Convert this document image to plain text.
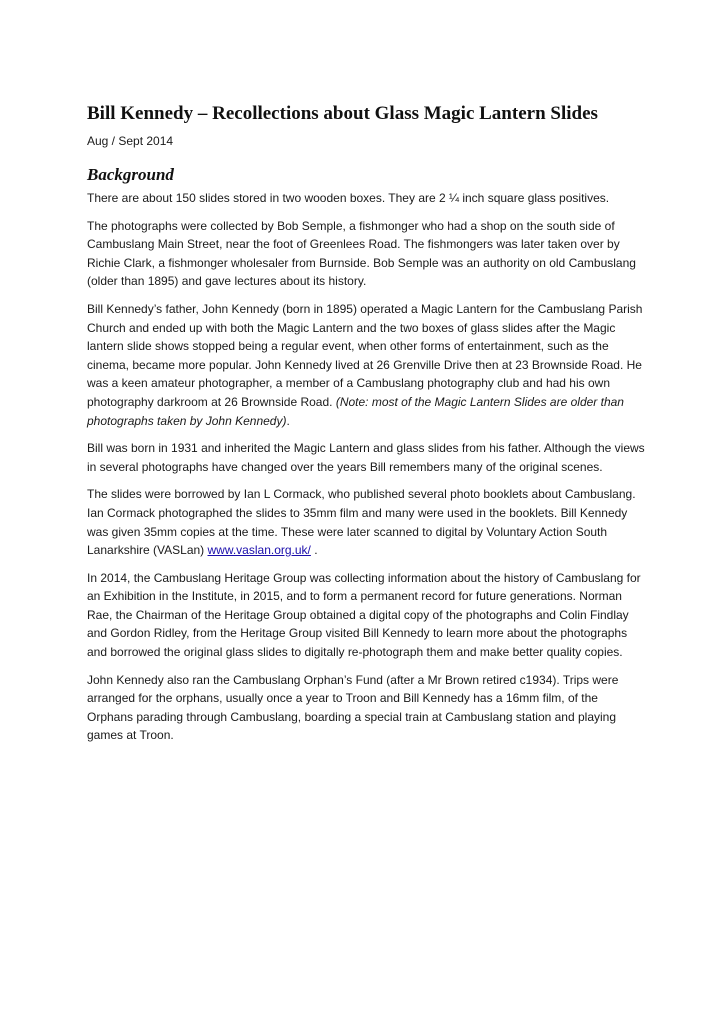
Bill Kennedy – Recollections about Glass Magic Lantern Slides
Aug / Sept 2014
Background

There are about 150 slides stored in two wooden boxes. They are 2 ¼ inch square glass positives.

The photographs were collected by Bob Semple, a fishmonger who had a shop on the south side of Cambuslang Main Street, near the foot of Greenlees Road. The fishmongers was later taken over by Richie Clark, a fishmonger wholesaler from Burnside. Bob Semple was an authority on old Cambuslang (older than 1895) and gave lectures about its history.

Bill Kennedy’s father, John Kennedy (born in 1895) operated a Magic Lantern for the Cambuslang Parish Church and ended up with both the Magic Lantern and the two boxes of glass slides after the Magic lantern slide shows stopped being a regular event, when other forms of entertainment, such as the cinema, became more popular. John Kennedy lived at 26 Grenville Drive then at 23 Brownside Road. He was a keen amateur photographer, a member of a Cambuslang photography club and had his own photography darkroom at 26 Brownside Road. (Note: most of the Magic Lantern Slides are older than photographs taken by John Kennedy).

Bill was born in 1931 and inherited the Magic Lantern and glass slides from his father. Although the views in several photographs have changed over the years Bill remembers many of the original scenes.

The slides were borrowed by Ian L Cormack, who published several photo booklets about Cambuslang. Ian Cormack photographed the slides to 35mm film and many were used in the booklets. Bill Kennedy was given 35mm copies at the time. These were later scanned to digital by Voluntary Action South Lanarkshire (VASLan) www.vaslan.org.uk/ .

In 2014, the Cambuslang Heritage Group was collecting information about the history of Cambuslang for an Exhibition in the Institute, in 2015, and to form a permanent record for future generations. Norman Rae, the Chairman of the Heritage Group obtained a digital copy of the photographs and Colin Findlay and Gordon Ridley, from the Heritage Group visited Bill Kennedy to learn more about the photographs and borrowed the original glass slides to digitally re-photograph them and make better quality copies.

John Kennedy also ran the Cambuslang Orphan’s Fund (after a Mr Brown retired c1934). Trips were arranged for the orphans, usually once a year to Troon and Bill Kennedy has a 16mm film, of the Orphans parading through Cambuslang, boarding a special train at Cambuslang station and playing games at Troon.
